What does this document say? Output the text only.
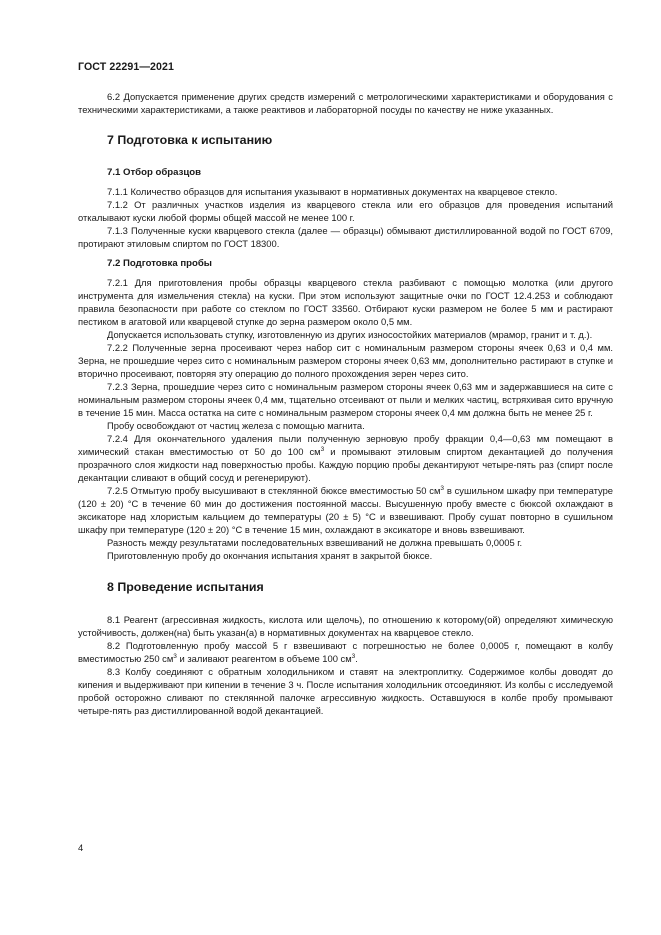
ГОСТ 22291—2021

6.2 Допускается применение других средств измерений с метрологическими характеристиками и оборудования с техническими характеристиками, а также реактивов и лабораторной посуды по качеству не ниже указанных.

7 Подготовка к испытанию
7.1 Отбор образцов

7.1.1 Количество образцов для испытания указывают в нормативных документах на кварцевое стекло.

7.1.2 От различных участков изделия из кварцевого стекла или его образцов для проведения испытаний откалывают куски любой формы общей массой не менее 100 г.

7.1.3 Полученные куски кварцевого стекла (далее — образцы) обмывают дистиллированной водой по ГОСТ 6709, протирают этиловым спиртом по ГОСТ 18300.

7.2 Подготовка пробы

7.2.1 Для приготовления пробы образцы кварцевого стекла разбивают с помощью молотка (или другого инструмента для измельчения стекла) на куски. При этом используют защитные очки по ГОСТ 12.4.253 и соблюдают правила безопасности при работе со стеклом по ГОСТ 33560. Отбирают куски размером не более 5 мм и растирают пестиком в агатовой или кварцевой ступке до зерна размером около 0,5 мм.

Допускается использовать ступку, изготовленную из других износостойких материалов (мрамор, гранит и т. д.).

7.2.2 Полученные зерна просеивают через набор сит с номинальным размером стороны ячеек 0,63 и 0,4 мм. Зерна, не прошедшие через сито с номинальным размером стороны ячеек 0,63 мм, дополнительно растирают в ступке и вторично просеивают, повторяя эту операцию до полного прохождения зерен через сито.

7.2.3 Зерна, прошедшие через сито с номинальным размером стороны ячеек 0,63 мм и задержавшиеся на сите с номинальным размером стороны ячеек 0,4 мм, тщательно отсеивают от пыли и мелких частиц, встряхивая сито вручную в течение 15 мин. Масса остатка на сите с номинальным размером стороны ячеек 0,4 мм должна быть не менее 25 г.

Пробу освобождают от частиц железа с помощью магнита.

7.2.4 Для окончательного удаления пыли полученную зерновую пробу фракции 0,4—0,63 мм помещают в химический стакан вместимостью от 50 до 100 $см^3$ и промывают этиловым спиртом декантацией до получения прозрачного слоя жидкости над поверхностью пробы. Каждую порцию пробы декантируют четыре-пять раз (спирт после декантации сливают в общий сосуд и регенерируют).

7.2.5 Отмытую пробу высушивают в стеклянной бюксе вместимостью 50 $см^3$ в сушильном шкафу при температуре (120 ± 20) °С в течение 60 мин до достижения постоянной массы. Высушенную пробу вместе с бюксой охлаждают в эксикаторе над хлористым кальцием до температуры (20 ± 5) °С и взвешивают. Пробу сушат повторно в сушильном шкафу при температуре (120 ± 20) °С в течение 15 мин, охлаждают в эксикаторе и вновь взвешивают.

Разность между результатами последовательных взвешиваний не должна превышать 0,0005 г.

Приготовленную пробу до окончания испытания хранят в закрытой бюксе.

8 Проведение испытания

8.1 Реагент (агрессивная жидкость, кислота или щелочь), по отношению к которому(ой) определяют химическую устойчивость, должен(на) быть указан(а) в нормативных документах на кварцевое стекло.

8.2 Подготовленную пробу массой 5 г взвешивают с погрешностью не более 0,0005 г, помещают в колбу вместимостью 250 $см^3$ и заливают реагентом в объеме 100 $см^3$.

8.3 Колбу соединяют с обратным холодильником и ставят на электроплитку. Содержимое колбы доводят до кипения и выдерживают при кипении в течение 3 ч. После испытания холодильник отсоединяют. Из колбы с исследуемой пробой осторожно сливают по стеклянной палочке агрессивную жидкость. Оставшуюся в колбе пробу промывают четыре-пять раз дистиллированной водой декантацией.

4
